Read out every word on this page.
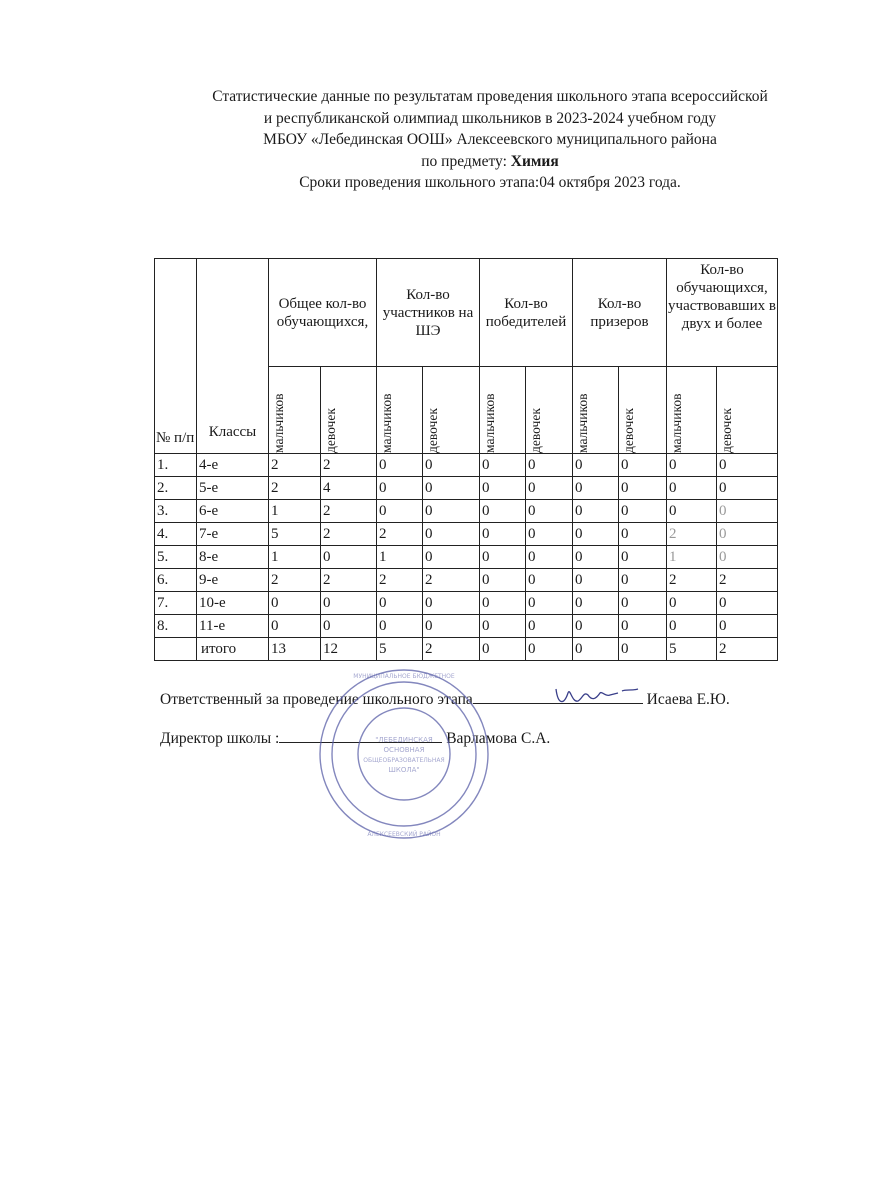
Статистические данные по результатам проведения школьного этапа всероссийской
и республиканской олимпиад школьников в 2023-2024 учебном году
МБОУ «Лебединская ООШ» Алексеевского муниципального района
по предмету: Химия
Сроки проведения школьного этапа:04 октября 2023 года.
№ п/п	Классы	Общее кол-во обучающихся,		Кол-во участников на ШЭ		Кол-во победителей		Кол-во призеров		Кол-во обучающихся, участвовавших в двух и более	

		мальчиков	девочек	мальчиков	девочек	мальчиков	девочек	мальчиков	девочек	мальчиков	девочек

1.	4-е	2	2	0	0	0	0	0	0	0	0
2.	5-е	2	4	0	0	0	0	0	0	0	0
3.	6-е	1	2	0	0	0	0	0	0	0	0
4.	7-е	5	2	2	0	0	0	0	0	2	0
5.	8-е	1	0	1	0	0	0	0	0	1	0
6.	9-е	2	2	2	2	0	0	0	0	2	2
7.	10-е	0	0	0	0	0	0	0	0	0	0
8.	11-е	0	0	0	0	0	0	0	0	0	0
	итого	13	12	5	2	0	0	0	0	5	2
Ответственный за проведение школьного этапа	Исаева Е.Ю.
Директор школы :	Варламова С.А.
МУНИЦИПАЛЬНОЕ БЮДЖЕТНОЕ
АЛЕКСЕЕВСКИЙ РАЙОН
"ЛЕБЕДИНСКАЯ
ОСНОВНАЯ
ОБЩЕОБРАЗОВАТЕЛЬНАЯ
ШКОЛА"
